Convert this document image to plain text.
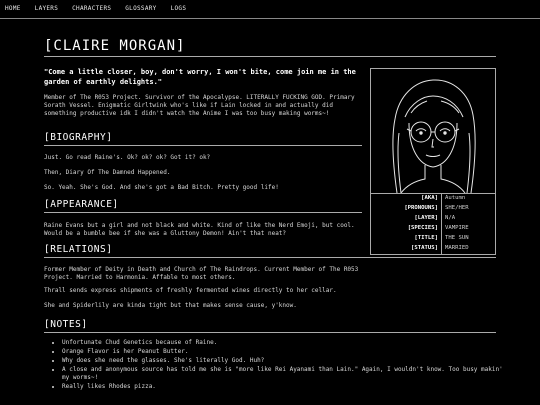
HOME LAYERS CHARACTERS GLOSSARY LOGS
[CLAIRE MORGAN]
"Come a little closer, boy, don't worry, I won't bite, come join me in the garden of earthly delights."
Member of The R053 Project. Survivor of the Apocalypse. LITERALLY FUCKING GOD. Primary Sorath Vessel. Enigmatic Girltwink who's like if Lain locked in and actually did something productive idk I didn't watch the Anime I was too busy making worms~!
[BIOGRAPHY]
Just. Go read Raine's. Ok? ok? ok? Got it? ok?
Then, Diary Of The Damned Happened.
So. Yeah. She's God. And she's got a Bad Bitch. Pretty good life!
[APPEARANCE]
Raine Evans but a girl and not black and white. Kind of like the Nerd Emoji, but cool. Would be a bumble bee if she was a Gluttony Demon! Ain't that neat?
[RELATIONS]
Former Member of Deity in Death and Church of The Raindrops. Current Member of The R053 Project. Married to Harmonia. Affable to most others.
Thrall sends express shipments of freshly fermented wines directly to her cellar.
She and Spiderlily are kinda tight but that makes sense cause, y'know.
[NOTES]
• Unfortunate Chud Genetics because of Raine.
• Orange Flavor is her Peanut Butter.
• Why does she need the glasses. She's literally God. Huh?
• A close and anonymous source has told me she is "more like Rei Ayanami than Lain." Again, I wouldn't know. Too busy makin' my worms~!
• Really likes Rhodes pizza.
[AKA]	Autumn
[PRONOUNS]	SHE/HER
[LAYER]	N/A
[SPECIES]	VAMPIRE
[TITLE]	THE SUN
[STATUS]	MARRIED
